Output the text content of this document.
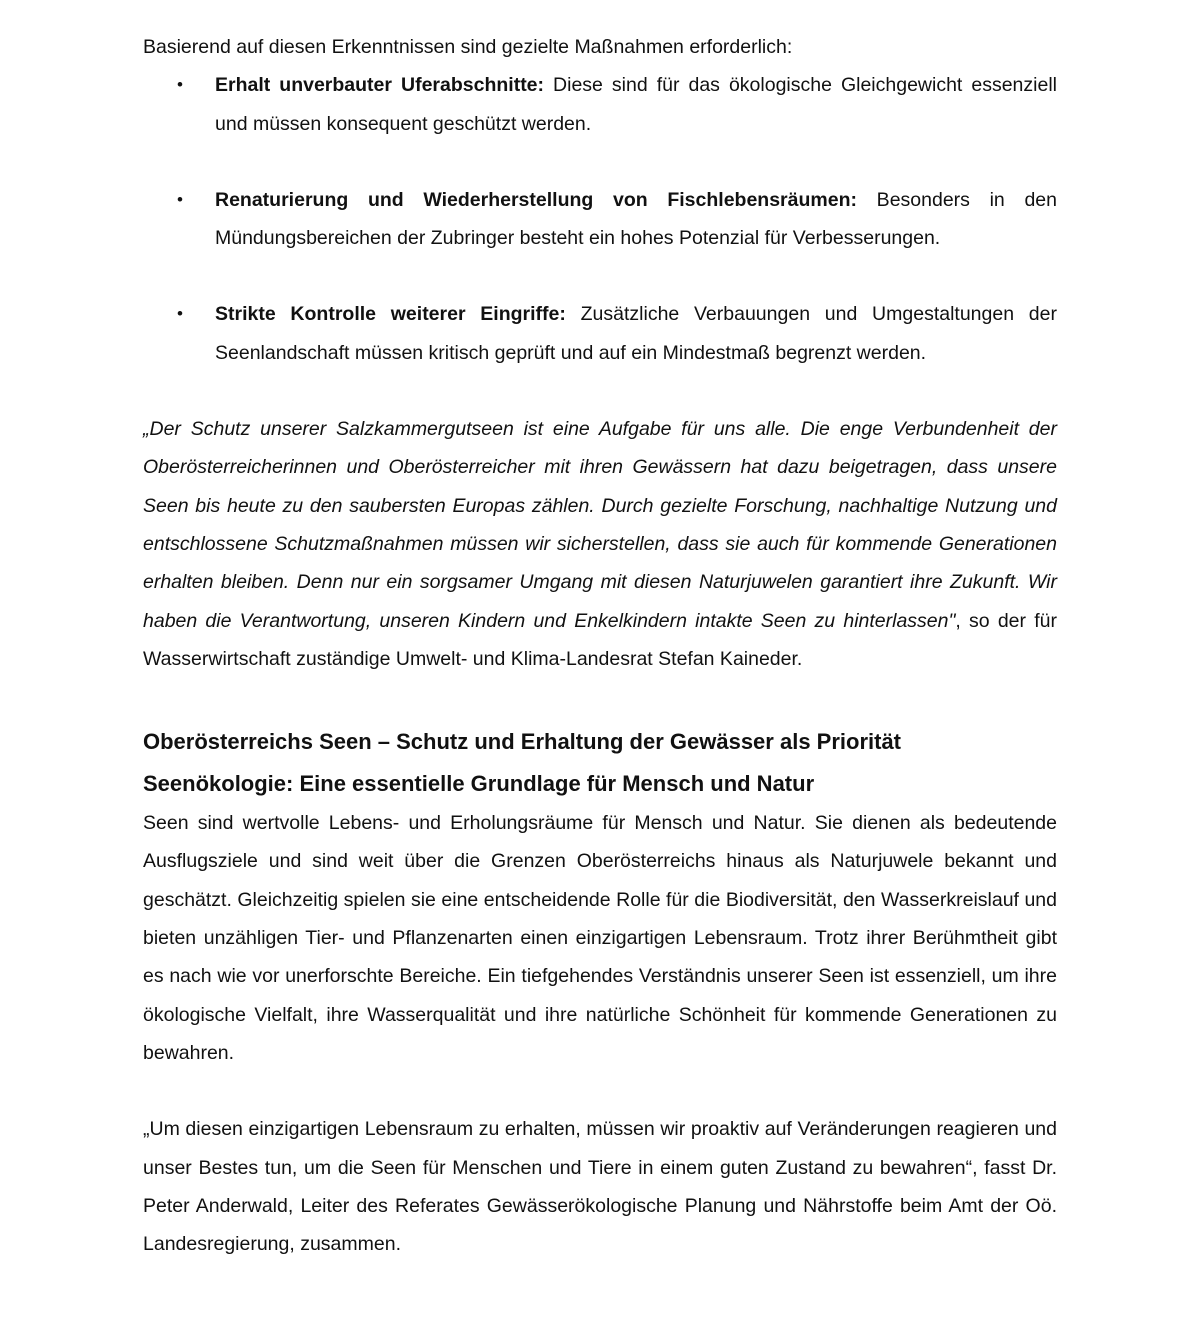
Basierend auf diesen Erkenntnissen sind gezielte Maßnahmen erforderlich:

• Erhalt unverbauter Uferabschnitte: Diese sind für das ökologische Gleichgewicht essenziell und müssen konsequent geschützt werden.
• Renaturierung und Wiederherstellung von Fischlebensräumen: Besonders in den Mündungsbereichen der Zubringer besteht ein hohes Potenzial für Verbesserungen.
• Strikte Kontrolle weiterer Eingriffe: Zusätzliche Verbauungen und Umgestaltungen der Seenlandschaft müssen kritisch geprüft und auf ein Mindestmaß begrenzt werden.

„Der Schutz unserer Salzkammergutseen ist eine Aufgabe für uns alle. Die enge Verbundenheit der Oberösterreicherinnen und Oberösterreicher mit ihren Gewässern hat dazu beigetragen, dass unsere Seen bis heute zu den saubersten Europas zählen. Durch gezielte Forschung, nachhaltige Nutzung und entschlossene Schutzmaßnahmen müssen wir sicherstellen, dass sie auch für kommende Generationen erhalten bleiben. Denn nur ein sorgsamer Umgang mit diesen Naturjuwelen garantiert ihre Zukunft. Wir haben die Verantwortung, unseren Kindern und Enkelkindern intakte Seen zu hinterlassen", so der für Wasserwirtschaft zuständige Umwelt- und Klima-Landesrat Stefan Kaineder.

Oberösterreichs Seen – Schutz und Erhaltung der Gewässer als Priorität
Seenökologie: Eine essentielle Grundlage für Mensch und Natur

Seen sind wertvolle Lebens- und Erholungsräume für Mensch und Natur. Sie dienen als bedeutende Ausflugsziele und sind weit über die Grenzen Oberösterreichs hinaus als Naturjuwele bekannt und geschätzt. Gleichzeitig spielen sie eine entscheidende Rolle für die Biodiversität, den Wasserkreislauf und bieten unzähligen Tier- und Pflanzenarten einen einzigartigen Lebensraum. Trotz ihrer Berühmtheit gibt es nach wie vor unerforschte Bereiche. Ein tiefgehendes Verständnis unserer Seen ist essenziell, um ihre ökologische Vielfalt, ihre Wasserqualität und ihre natürliche Schönheit für kommende Generationen zu bewahren.

„Um diesen einzigartigen Lebensraum zu erhalten, müssen wir proaktiv auf Veränderungen reagieren und unser Bestes tun, um die Seen für Menschen und Tiere in einem guten Zustand zu bewahren“, fasst Dr. Peter Anderwald, Leiter des Referates Gewässerökologische Planung und Nährstoffe beim Amt der Oö. Landesregierung, zusammen.
